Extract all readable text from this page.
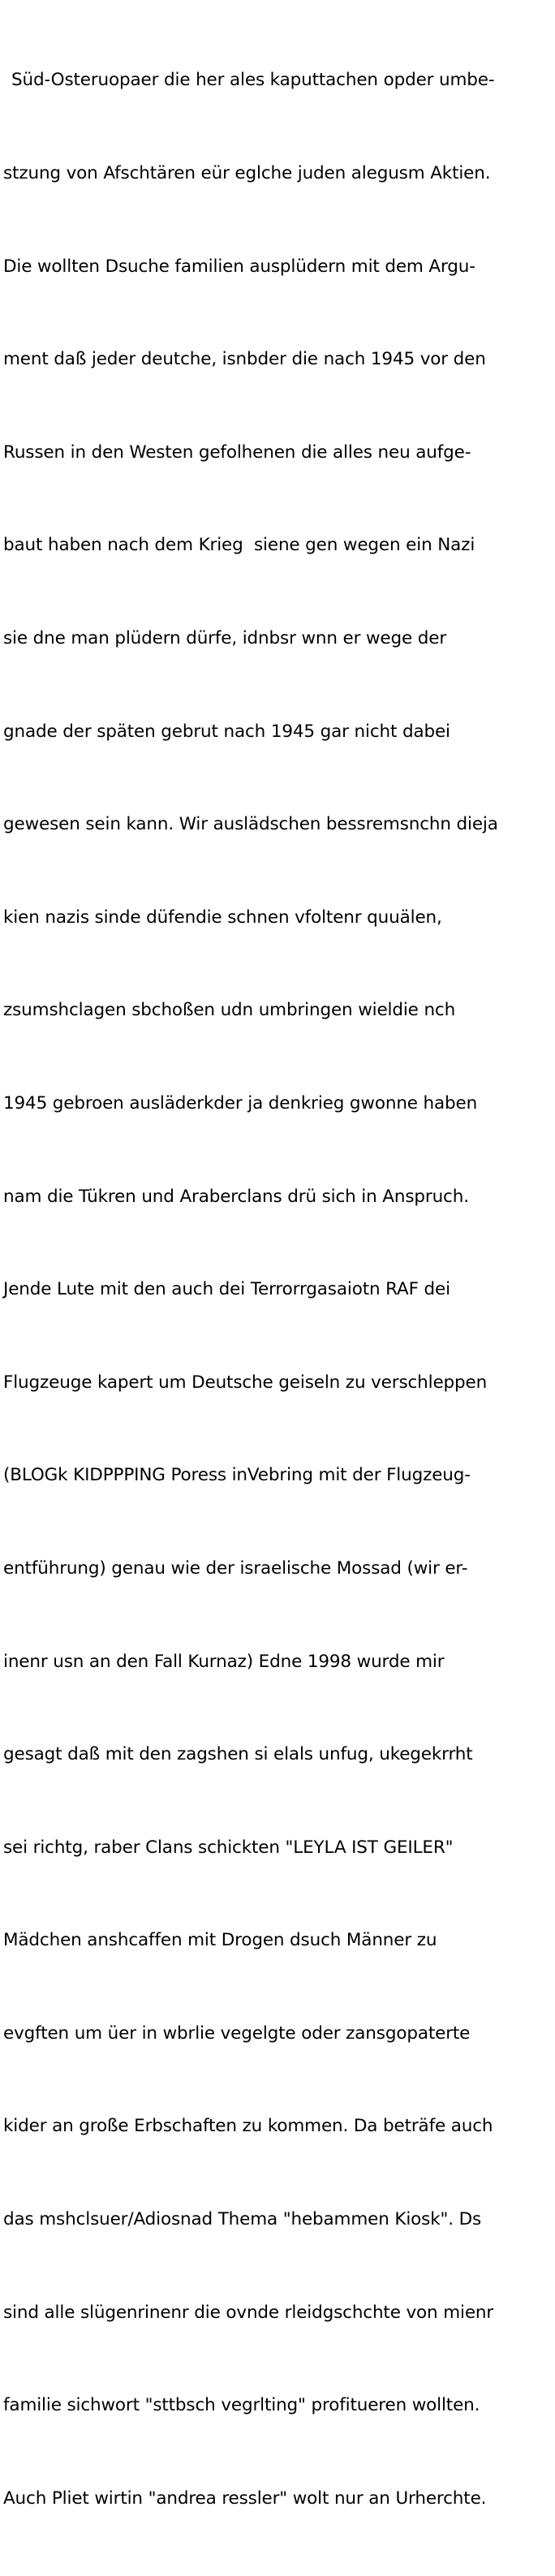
Süd-Osteruopaer die her ales kaputtachen opder umbe-

stzung von Afschtären eür eglche juden alegusm Aktien.

Die wollten Dsuche familien ausplüdern mit dem Argu-

ment daß jeder deutche, isnbder die nach 1945 vor den

Russen in den Westen gefolhenen die alles neu aufge-

baut haben nach dem Krieg  siene gen wegen ein Nazi

sie dne man plüdern dürfe, idnbsr wnn er wege der

gnade der späten gebrut nach 1945 gar nicht dabei

gewesen sein kann. Wir auslädschen bessremsnchn dieja

kien nazis sinde düfendie schnen vfoltenr quuälen,

zsumshclagen sbchoßen udn umbringen wieldie nch

1945 gebroen ausläderkder ja denkrieg gwonne haben

nam die Tükren und Araberclans drü sich in Anspruch.

Jende Lute mit den auch dei Terrorrgasaiotn RAF dei

Flugzeuge kapert um Deutsche geiseln zu verschleppen

(BLOGk KIDPPPING Poress inVebring mit der Flugzeug-

entführung) genau wie der israelische Mossad (wir er-

inenr usn an den Fall Kurnaz) Edne 1998 wurde mir

gesagt daß mit den zagshen si elals unfug, ukegekrrht

sei richtg, raber Clans schickten "LEYLA IST GEILER"

Mädchen anshcaffen mit Drogen dsuch Männer zu

evgften um üer in wbrlie vegelgte oder zansgopaterte

kider an große Erbschaften zu kommen. Da beträfe auch

das mshclsuer/Adiosnad Thema "hebammen Kiosk". Ds

sind alle slügenrinenr die ovnde rleidgschchte von mienr

familie sichwort "sttbsch vegrlting" profitueren wollten.

Auch Pliet wirtin "andrea ressler" wolt nur an Urherchte.
